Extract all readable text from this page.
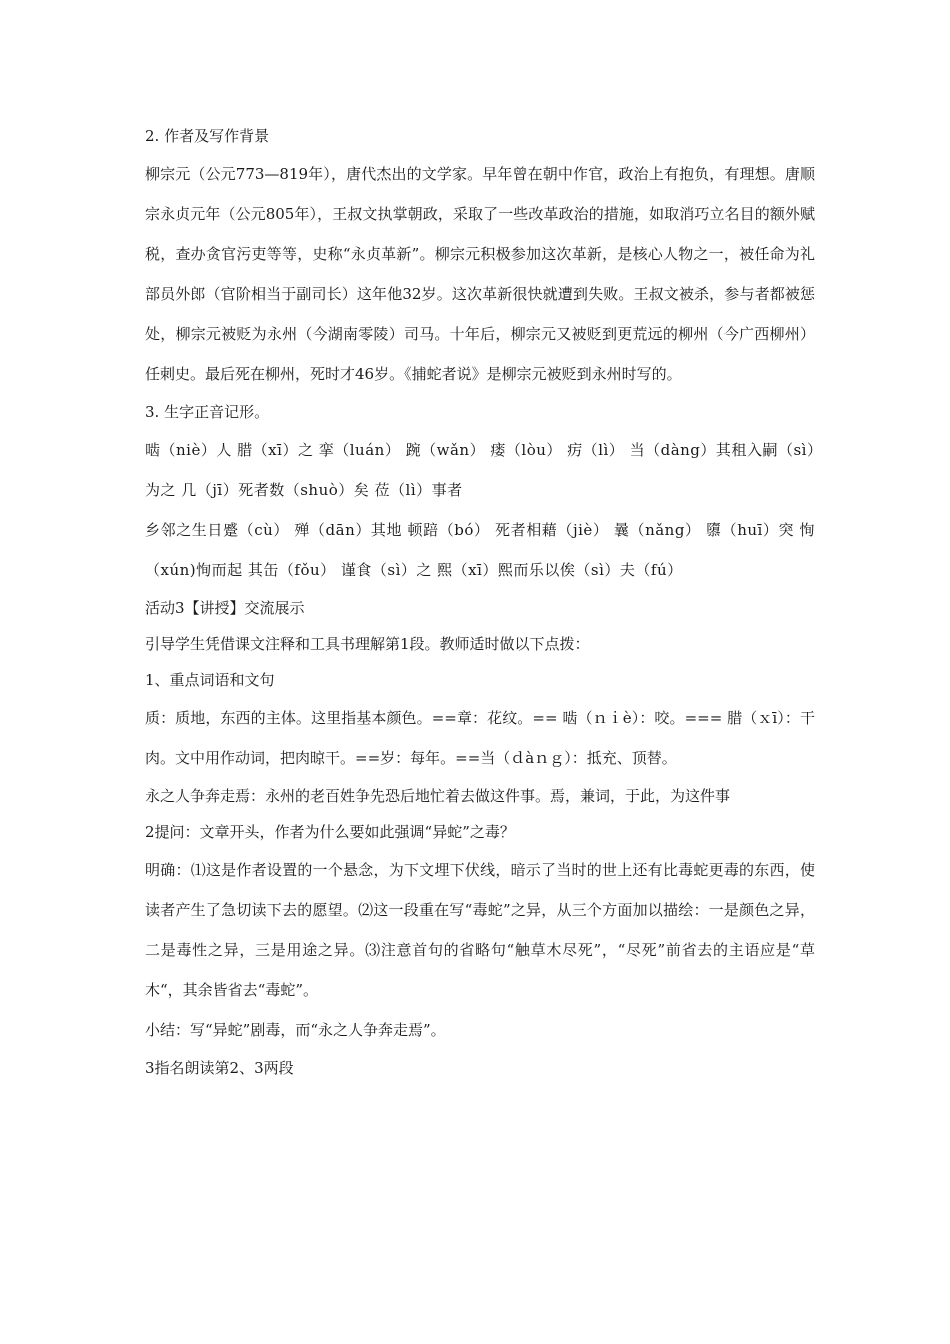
2. 作者及写作背景

柳宗元（公元773—819年），唐代杰出的文学家。早年曾在朝中作官，政治上有抱负，有理想。唐顺宗永贞元年（公元805年），王叔文执掌朝政，采取了一些改革政治的措施，如取消巧立名目的额外赋税，查办贪官污吏等等，史称“永贞革新”。柳宗元积极参加这次革新，是核心人物之一，被任命为礼部员外郎（官阶相当于副司长）这年他32岁。这次革新很快就遭到失败。王叔文被杀，参与者都被惩处，柳宗元被贬为永州（今湖南零陵）司马。十年后，柳宗元又被贬到更荒远的柳州（今广西柳州）任刺史。最后死在柳州，死时才46岁。《捕蛇者说》是柳宗元被贬到永州时写的。

3. 生字正音记形。

啮（niè）人 腊（xī）之 挛（luán） 踠（wǎn） 瘘（lòu） 疠（lì） 当（dàng）其租入嗣（sì）为之 几（jī）死者数（shuò）矣 莅（lì）事者

乡邻之生日蹙（cù） 殚（dān）其地 顿踣（bó） 死者相藉（jiè） 曩（nǎng） 隳（huī）突 恂（xún)恂而起 其缶（fǒu） 谨食（sì）之 熙（xī）熙而乐以俟（sì）夫（fú）

活动3【讲授】交流展示

引导学生凭借课文注释和工具书理解第1段。教师适时做以下点拨：

1、重点词语和文句

质：质地，东西的主体。这里指基本颜色。==章：花纹。== 啮（ｎｉè）：咬。=== 腊（ｘī）：干肉。文中用作动词，把肉晾干。==岁：每年。==当（ｄàｎｇ）：抵充、顶替。

永之人争奔走焉：永州的老百姓争先恐后地忙着去做这件事。焉，兼词，于此，为这件事

2提问：文章开头，作者为什么要如此强调“异蛇”之毒？

明确：⑴这是作者设置的一个悬念，为下文埋下伏线，暗示了当时的世上还有比毒蛇更毒的东西，使读者产生了急切读下去的愿望。⑵这一段重在写“毒蛇”之异，从三个方面加以描绘：一是颜色之异，二是毒性之异，三是用途之异。⑶注意首句的省略句“触草木尽死”，“尽死”前省去的主语应是“草木“，其余皆省去“毒蛇”。

小结：写“异蛇”剧毒，而“永之人争奔走焉”。

3指名朗读第2、3两段
